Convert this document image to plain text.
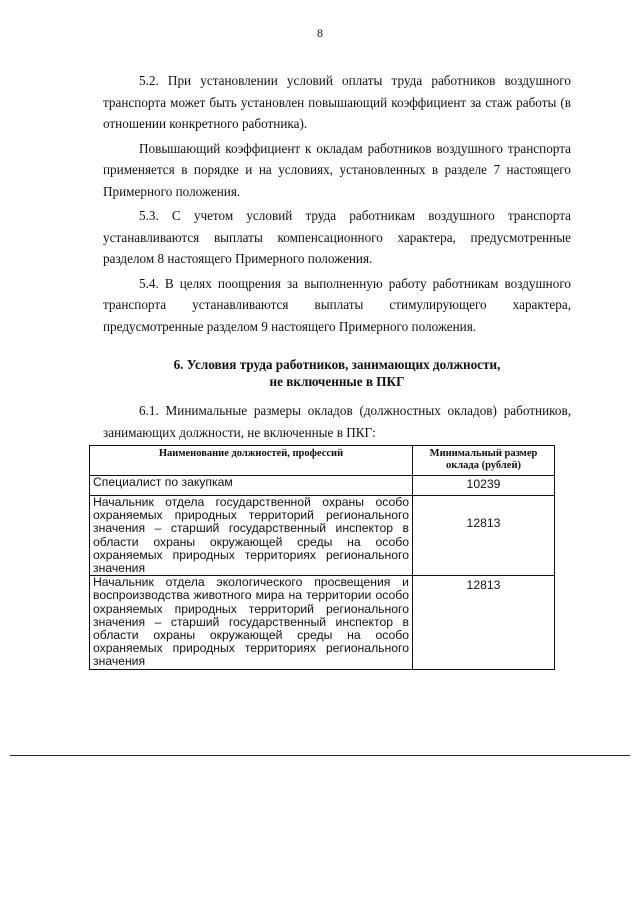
8

5.2. При установлении условий оплаты труда работников воздушного транспорта может быть установлен повышающий коэффициент за стаж работы (в отношении конкретного работника).

Повышающий коэффициент к окладам работников воздушного транспорта применяется в порядке и на условиях, установленных в разделе 7 настоящего Примерного положения.

5.3. С учетом условий труда работникам воздушного транспорта устанавливаются выплаты компенсационного характера, предусмотренные разделом 8 настоящего Примерного положения.

5.4. В целях поощрения за выполненную работу работникам воздушного транспорта устанавливаются выплаты стимулирующего характера, предусмотренные разделом 9 настоящего Примерного положения.

6. Условия труда работников, занимающих должности,
не включенные в ПКГ

6.1. Минимальные размеры окладов (должностных окладов) работников, занимающих должности, не включенные в ПКГ:

Наименование должностей, профессий	Минимальный размер оклада (рублей)
Специалист по закупкам	10239
Начальник отдела государственной охраны особо охраняемых природных территорий регионального значения – старший государственный инспектор в области охраны окружающей среды на особо охраняемых природных территориях регионального значения	12813
Начальник отдела экологического просвещения и воспроизводства животного мира на территории особо охраняемых природных территорий регионального значения – старший государственный инспектор в области охраны окружающей среды на особо охраняемых природных территориях регионального значения	12813
